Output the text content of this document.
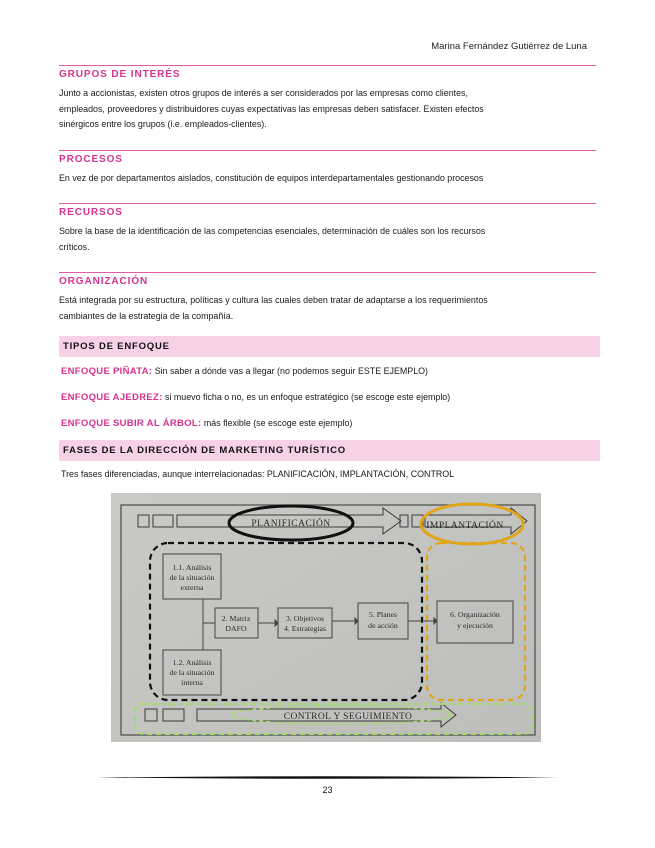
Marina Fernández Gutiérrez de Luna
GRUPOS DE INTERÉS
Junto a accionistas, existen otros grupos de interés a ser considerados por las empresas como clientes,
empleados, proveedores y distribuidores cuyas expectativas las empresas deben satisfacer. Existen efectos
sinérgicos entre los grupos (i.e. empleados-clientes).
PROCESOS
En vez de por departamentos aislados, constitución de equipos interdepartamentales gestionando procesos
RECURSOS
Sobre la base de la identificación de las competencias esenciales, determinación de cuáles son los recursos
críticos.
ORGANIZACIÓN
Está integrada por su estructura, políticas y cultura las cuales deben tratar de adaptarse a los requerimientos
cambiantes de la estrategia de la compañía.
TIPOS DE ENFOQUE
ENFOQUE PIÑATA: Sin saber a dónde vas a llegar (no podemos seguir ESTE EJEMPLO)
ENFOQUE AJEDREZ: si muevo ficha o no, es un enfoque estratégico (se escoge este ejemplo)
ENFOQUE SUBIR AL ÁRBOL: más flexible (se escoge este ejemplo)
FASES DE LA DIRECCIÓN DE MARKETING TURÍSTICO
Tres fases diferenciadas, aunque interrelacionadas: PLANIFICACIÓN, IMPLANTACIÓN, CONTROL
PLANIFICACIÓN	IMPLANTACIÓN
1.1. Análisis
de la situación
externa
1.2. Análisis
de la situación
interna
2. Matriz
DAFO
3. Objetivos
4. Estrategias
5. Planes
de acción
6. Organización
y ejecución
CONTROL Y SEGUIMIENTO
23
